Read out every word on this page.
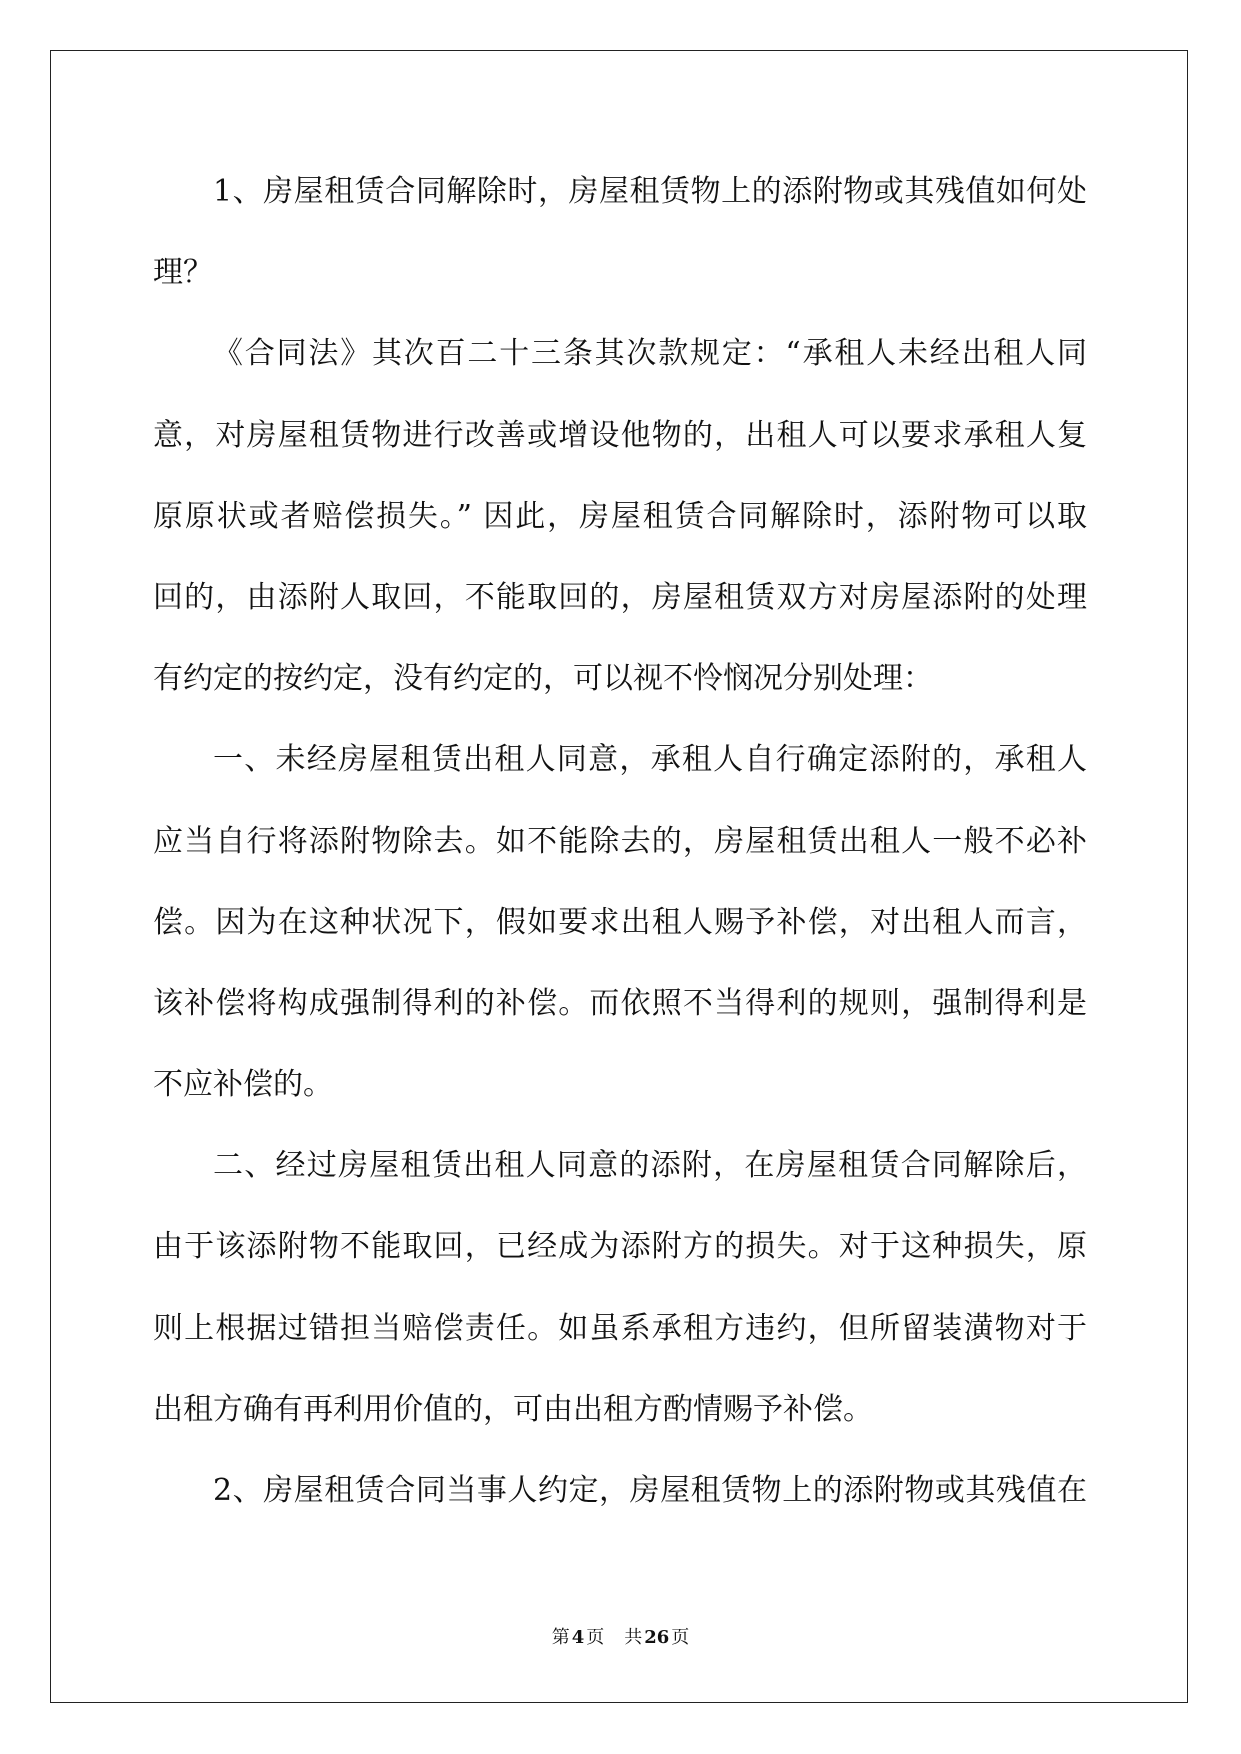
1、房屋租赁合同解除时，房屋租赁物上的添附物或其残值如何处
理？
《合同法》其次百二十三条其次款规定：“承租人未经出租人同
意，对房屋租赁物进行改善或增设他物的，出租人可以要求承租人复
原原状或者赔偿损失。” 因此，房屋租赁合同解除时，添附物可以取
回的，由添附人取回，不能取回的，房屋租赁双方对房屋添附的处理
有约定的按约定，没有约定的，可以视不怜悯况分别处理：
一、未经房屋租赁出租人同意，承租人自行确定添附的，承租人
应当自行将添附物除去。如不能除去的，房屋租赁出租人一般不必补
偿。因为在这种状况下，假如要求出租人赐予补偿，对出租人而言，
该补偿将构成强制得利的补偿。而依照不当得利的规则，强制得利是
不应补偿的。
二、经过房屋租赁出租人同意的添附，在房屋租赁合同解除后，
由于该添附物不能取回，已经成为添附方的损失。对于这种损失，原
则上根据过错担当赔偿责任。如虽系承租方违约，但所留装潢物对于
出租方确有再利用价值的，可由出租方酌情赐予补偿。
2、房屋租赁合同当事人约定，房屋租赁物上的添附物或其残值在
第 4 页 共 26 页
